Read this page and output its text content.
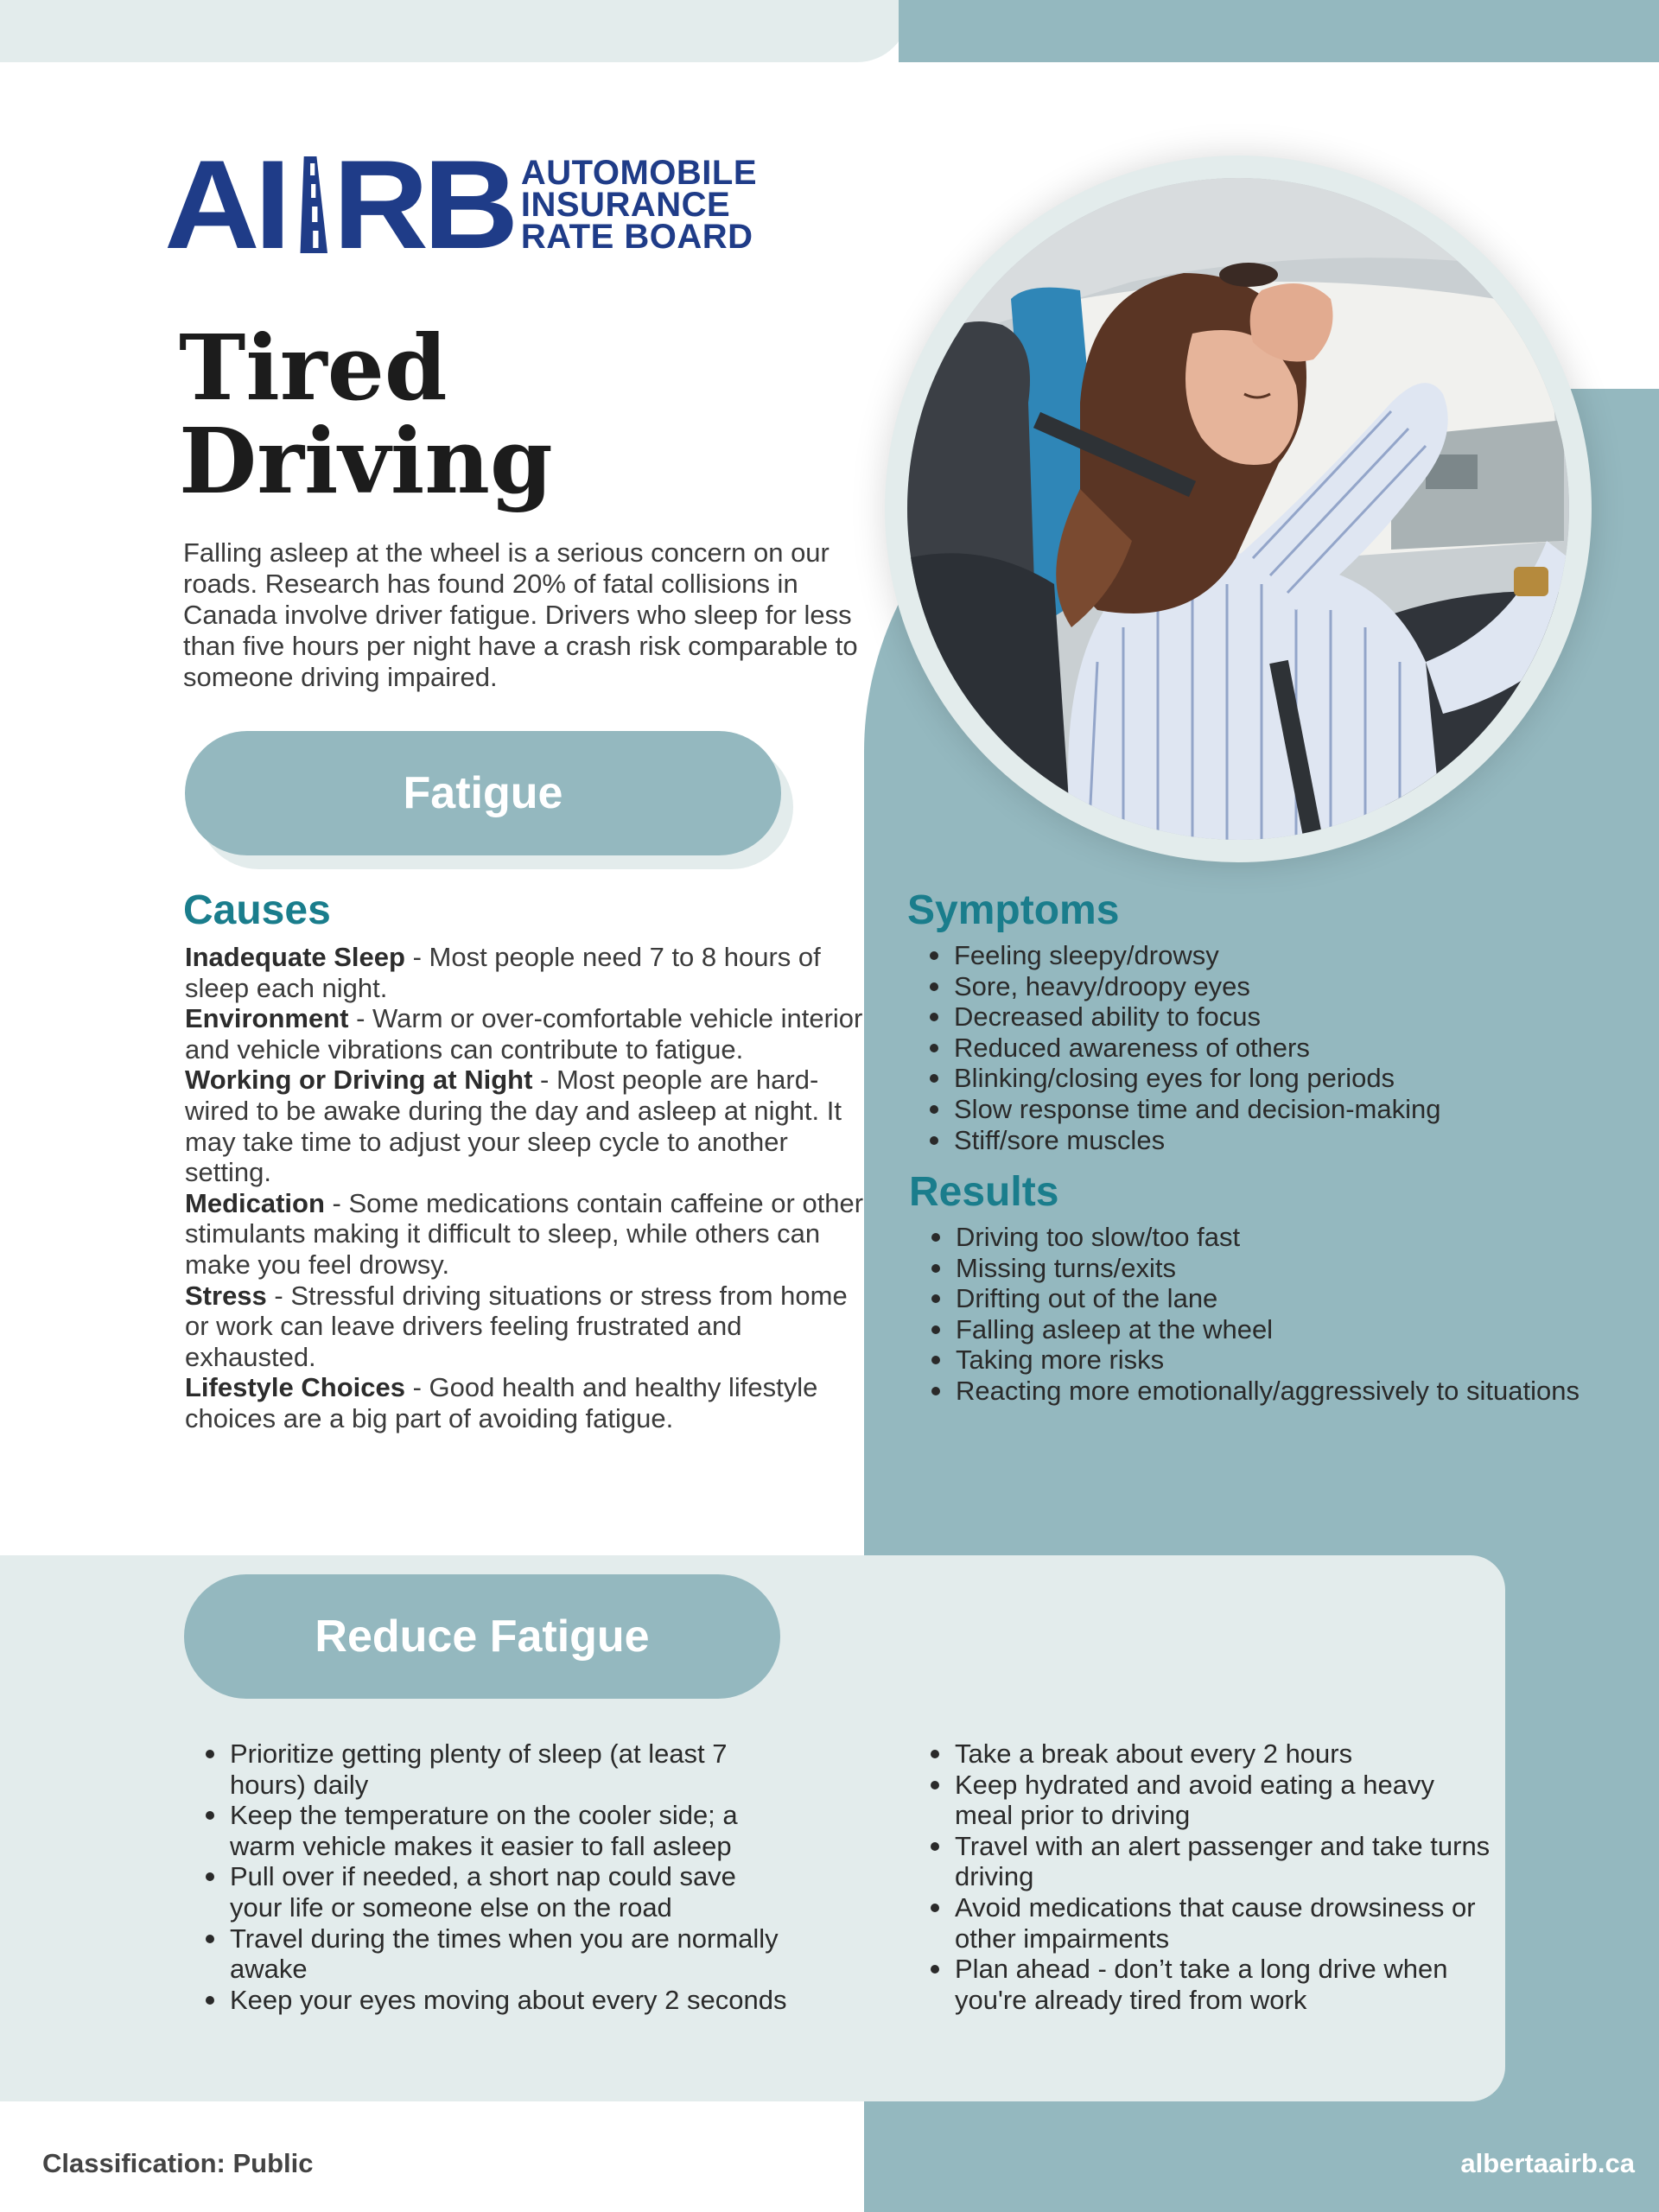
AI RB AUTOMOBILE
INSURANCE
RATE BOARD
Tired
Driving

Falling asleep at the wheel is a serious concern on our roads. Research has found 20% of fatal collisions in Canada involve driver fatigue. Drivers who sleep for less than five hours per night have a crash risk comparable to someone driving impaired.

Fatigue
Causes

Inadequate Sleep - Most people need 7 to 8 hours of sleep each night.

Environment - Warm or over-comfortable vehicle interior and vehicle vibrations can contribute to fatigue.

Working or Driving at Night - Most people are hard-wired to be awake during the day and asleep at night. It may take time to adjust your sleep cycle to another setting.

Medication - Some medications contain caffeine or other stimulants making it difficult to sleep, while others can make you feel drowsy.

Stress - Stressful driving situations or stress from home or work can leave drivers feeling frustrated and exhausted.

Lifestyle Choices - Good health and healthy lifestyle choices are a big part of avoiding fatigue.

Symptoms
Feeling sleepy/drowsy
Sore, heavy/droopy eyes
Decreased ability to focus
Reduced awareness of others
Blinking/closing eyes for long periods
Slow response time and decision-making
Stiff/sore muscles
Results
Driving too slow/too fast
Missing turns/exits
Drifting out of the lane
Falling asleep at the wheel
Taking more risks
Reacting more emotionally/aggressively to situations
Reduce Fatigue
Prioritize getting plenty of sleep (at least 7 hours) daily
Keep the temperature on the cooler side; a warm vehicle makes it easier to fall asleep
Pull over if needed, a short nap could save your life or someone else on the road
Travel during the times when you are normally awake
Keep your eyes moving about every 2 seconds
Take a break about every 2 hours
Keep hydrated and avoid eating a heavy meal prior to driving
Travel with an alert passenger and take turns driving
Avoid medications that cause drowsiness or other impairments
Plan ahead - don’t take a long drive when you're already tired from work
Classification: Public	albertaairb.ca
